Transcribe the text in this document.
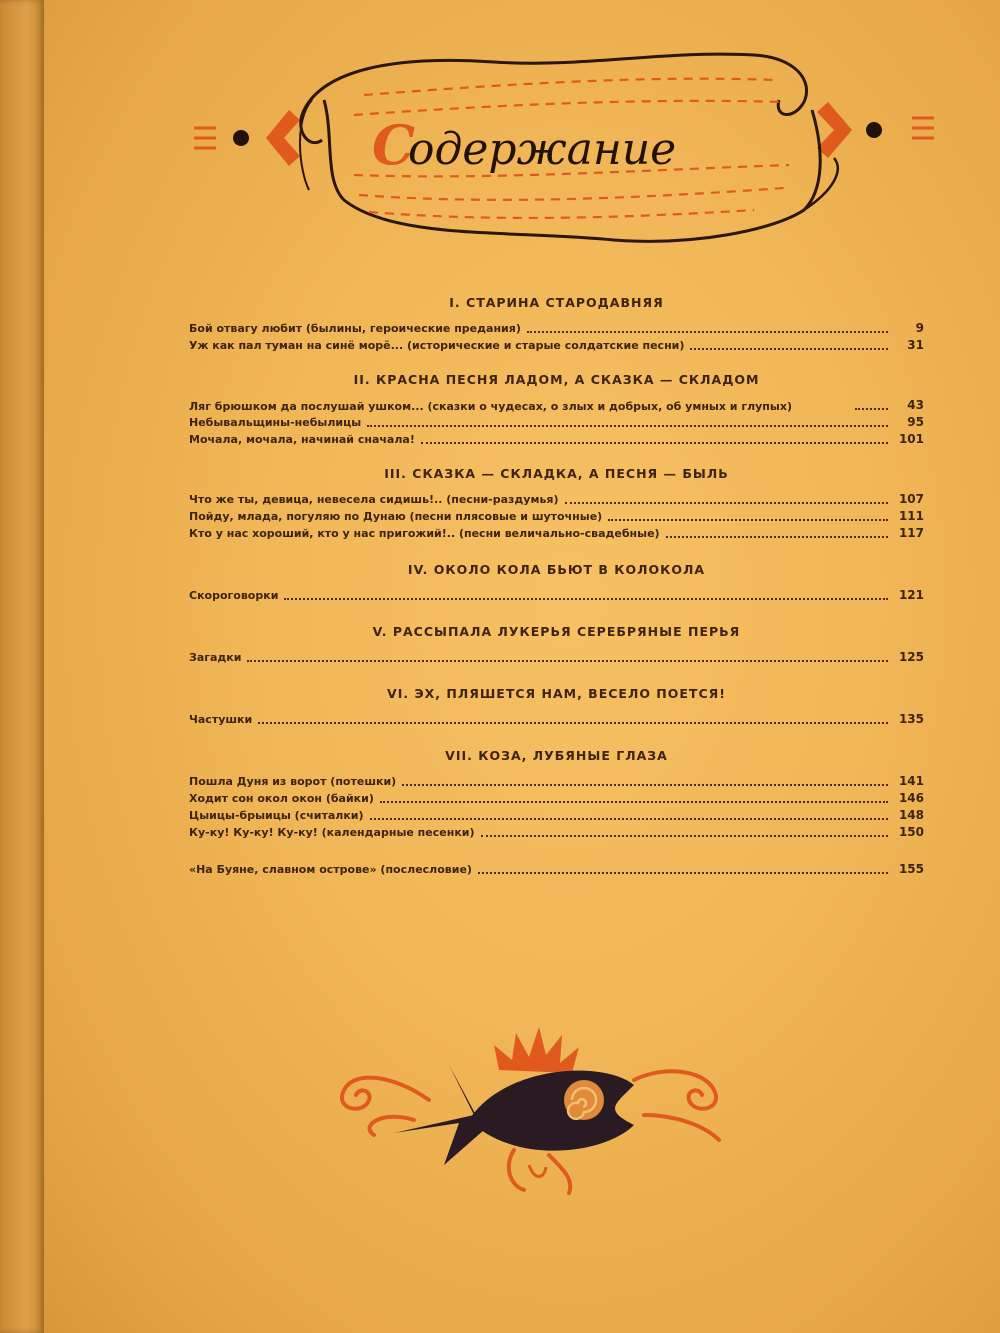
С
одержание
I. СТАРИНА СТАРОДАВНЯЯ
Бой отвагу любит (былины, героические предания)	9
Уж как пал туман на синё морё... (исторические и старые солдатские песни)	31
II. КРАСНА ПЕСНЯ ЛАДОМ, А СКАЗКА — СКЛАДОМ
Ляг брюшком да послушай ушком... (сказки о чудесах, о злых и добрых, об умных и глупых)	43
Небывальщины-небылицы	95
Мочала, мочала, начинай сначала!	101
III. СКАЗКА — СКЛАДКА, А ПЕСНЯ — БЫЛЬ
Что же ты, девица, невесела сидишь!.. (песни-раздумья)	107
Пойду, млада, погуляю по Дунаю (песни плясовые и шуточные)	111
Кто у нас хороший, кто у нас пригожий!.. (песни величально-свадебные)	117
IV. ОКОЛО КОЛА БЬЮТ В КОЛОКОЛА
Скороговорки	121
V. РАССЫПАЛА ЛУКЕРЬЯ СЕРЕБРЯНЫЕ ПЕРЬЯ
Загадки	125
VI. ЭХ, ПЛЯШЕТСЯ НАМ, ВЕСЕЛО ПОЕТСЯ!
Частушки	135
VII. КОЗА, ЛУБЯНЫЕ ГЛАЗА
Пошла Дуня из ворот (потешки)	141
Ходит сон окол окон (байки)	146
Цыицы-брыицы (считалки)	148
Ку-ку! Ку-ку! Ку-ку! (календарные песенки)	150
«На Буяне, славном острове» (послесловие)	155
